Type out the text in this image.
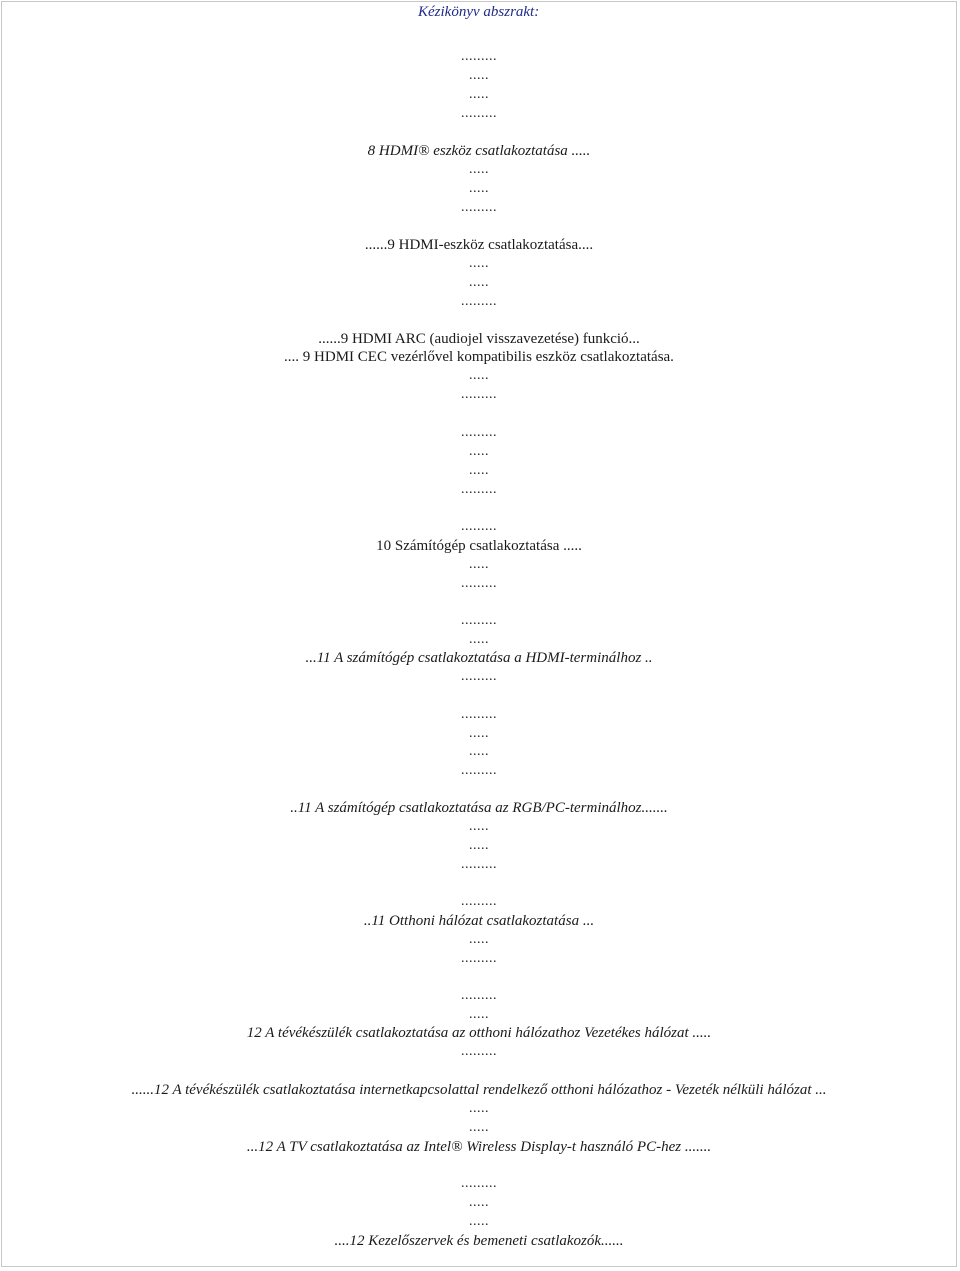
Kézikönyv abszrakt:
.........
.....
.....
.........
8 HDMI® eszköz csatlakoztatása .....
.....
.....
.........
......9 HDMI-eszköz csatlakoztatása....
.....
.....
.........
......9 HDMI ARC (audiojel visszavezetése) funkció...
.... 9 HDMI CEC vezérlővel kompatibilis eszköz csatlakoztatása.
.....
.........
.........
.....
.....
.........
.........
10 Számítógép csatlakoztatása .....
.....
.........
.........
.....
...11 A számítógép csatlakoztatása a HDMI-terminálhoz ..
.........
.........
.....
.....
.........
..11 A számítógép csatlakoztatása az RGB/PC-terminálhoz.......
.....
.....
.........
.........
..11 Otthoni hálózat csatlakoztatása ...
.....
.........
.........
.....
12 A tévékészülék csatlakoztatása az otthoni hálózathoz Vezetékes hálózat .....
.........
......12 A tévékészülék csatlakoztatása internetkapcsolattal rendelkező otthoni hálózathoz - Vezeték nélküli hálózat ...
.....
.....
...12 A TV csatlakoztatása az Intel® Wireless Display-t használó PC-hez .......
.........
.....
.....
....12 Kezelőszervek és bemeneti csatlakozók......
